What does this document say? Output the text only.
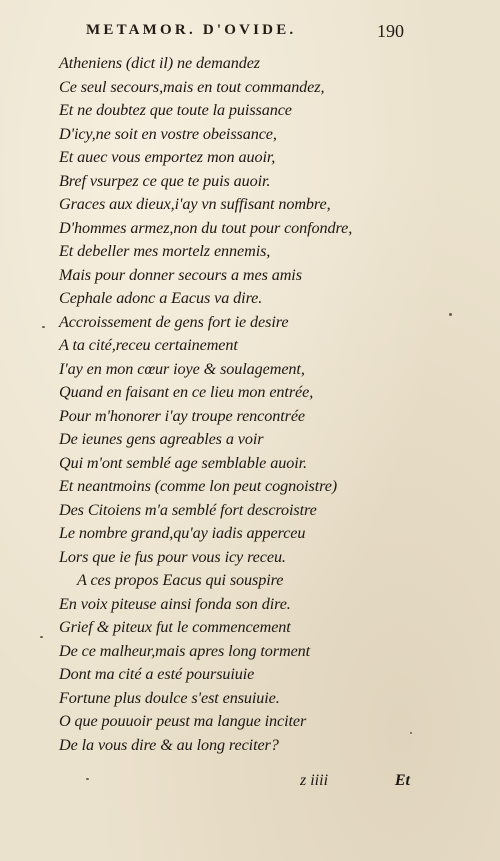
METAMOR. D'OVIDE.	190
Atheniens (dict il) ne demandez
Ce seul secours,mais en tout commandez,
Et ne doubtez que toute la puissance
D'icy,ne soit en vostre obeissance,
Et auec vous emportez mon auoir,
Bref vsurpez ce que te puis auoir.
Graces aux dieux,i'ay vn suffisant nombre,
D'hommes armez,non du tout pour confondre,
Et debeller mes mortelz ennemis,
Mais pour donner secours a mes amis
Cephale adonc a Eacus va dire.
Accroissement de gens fort ie desire
A ta cité,receu certainement
I'ay en mon cœur ioye & soulagement,
Quand en faisant en ce lieu mon entrée,
Pour m'honorer i'ay troupe rencontrée
De ieunes gens agreables a voir
Qui m'ont semblé age semblable auoir.
Et neantmoins (comme lon peut cognoistre)
Des Citoiens m'a semblé fort descroistre
Le nombre grand,qu'ay iadis apperceu
Lors que ie fus pour vous icy receu.
A ces propos Eacus qui souspire
En voix piteuse ainsi fonda son dire.
Grief & piteux fut le commencement
De ce malheur,mais apres long torment
Dont ma cité a esté poursuiuie
Fortune plus doulce s'est ensuiuie.
O que pouuoir peust ma langue inciter
De la vous dire & au long reciter?
z iiii	Et
